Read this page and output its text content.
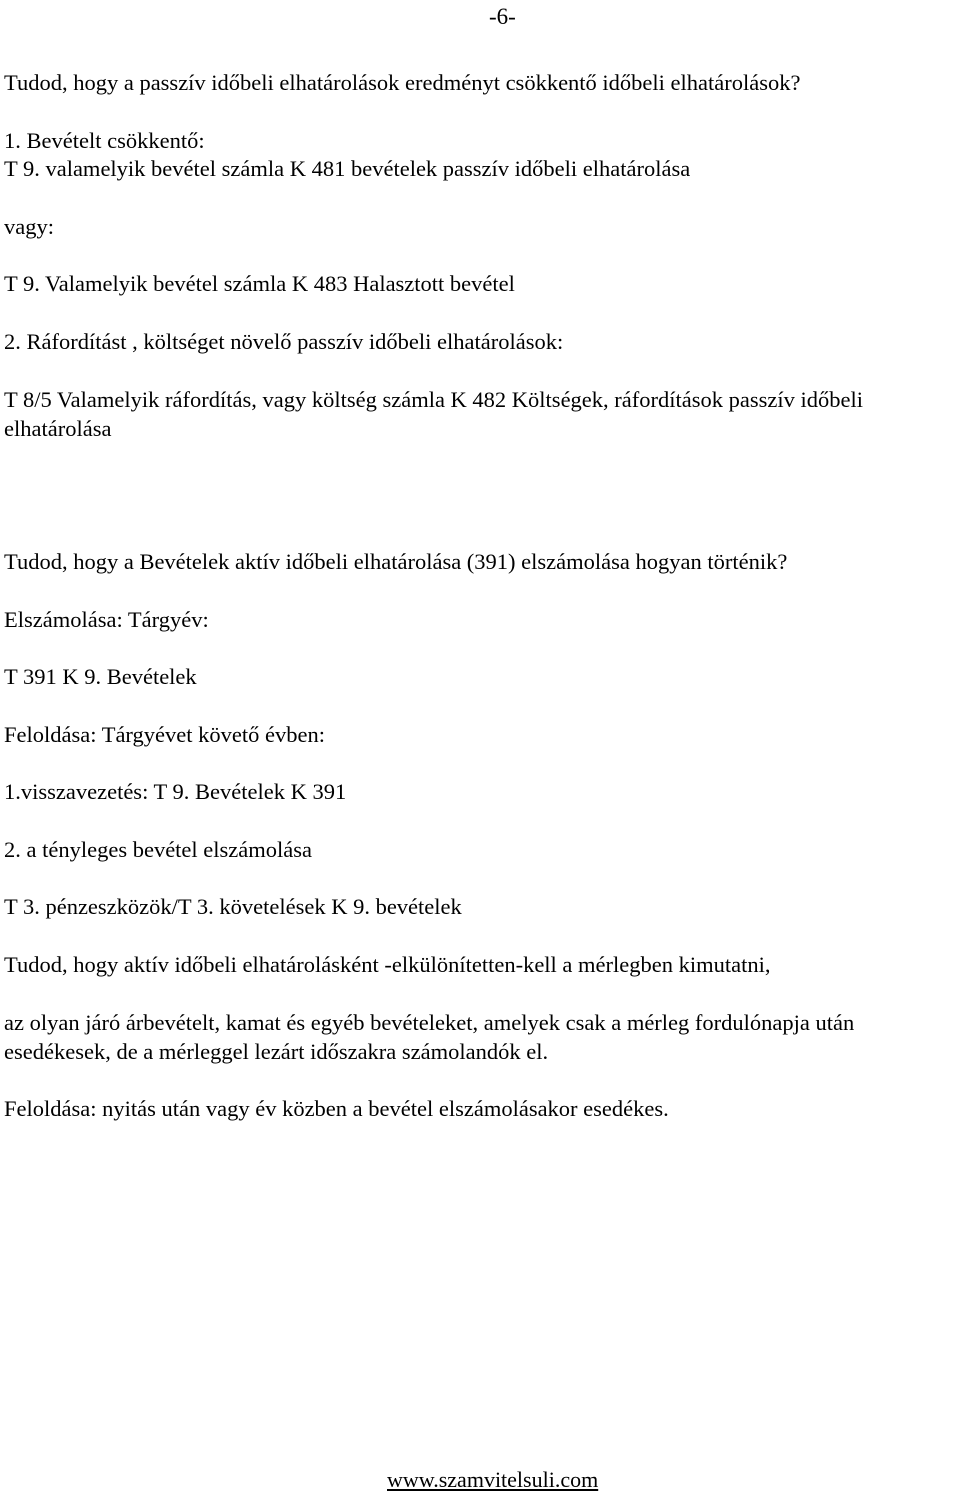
-6-
Tudod, hogy a passzív időbeli elhatárolások eredményt csökkentő időbeli elhatárolások?
1. Bevételt csökkentő:
T 9. valamelyik bevétel számla K 481 bevételek passzív időbeli elhatárolása
vagy:
T 9. Valamelyik bevétel számla K 483 Halasztott bevétel
2. Ráfordítást , költséget növelő passzív időbeli elhatárolások:
T 8/5 Valamelyik ráfordítás, vagy költség számla K 482 Költségek, ráfordítások passzív időbeli elhatárolása
Tudod, hogy a Bevételek aktív időbeli elhatárolása (391) elszámolása hogyan történik?
Elszámolása: Tárgyév:
T 391 K 9. Bevételek
Feloldása: Tárgyévet követő évben:
1.visszavezetés: T 9. Bevételek K 391
2. a tényleges bevétel elszámolása
T 3. pénzeszközök/T 3. követelések K 9. bevételek
Tudod, hogy aktív időbeli elhatárolásként -elkülönítetten-kell a mérlegben kimutatni,
az olyan járó árbevételt, kamat és egyéb bevételeket, amelyek csak a mérleg fordulónapja után esedékesek, de a mérleggel lezárt időszakra számolandók el.
Feloldása: nyitás után vagy év közben a bevétel elszámolásakor esedékes.
www.szamvitelsuli.com
